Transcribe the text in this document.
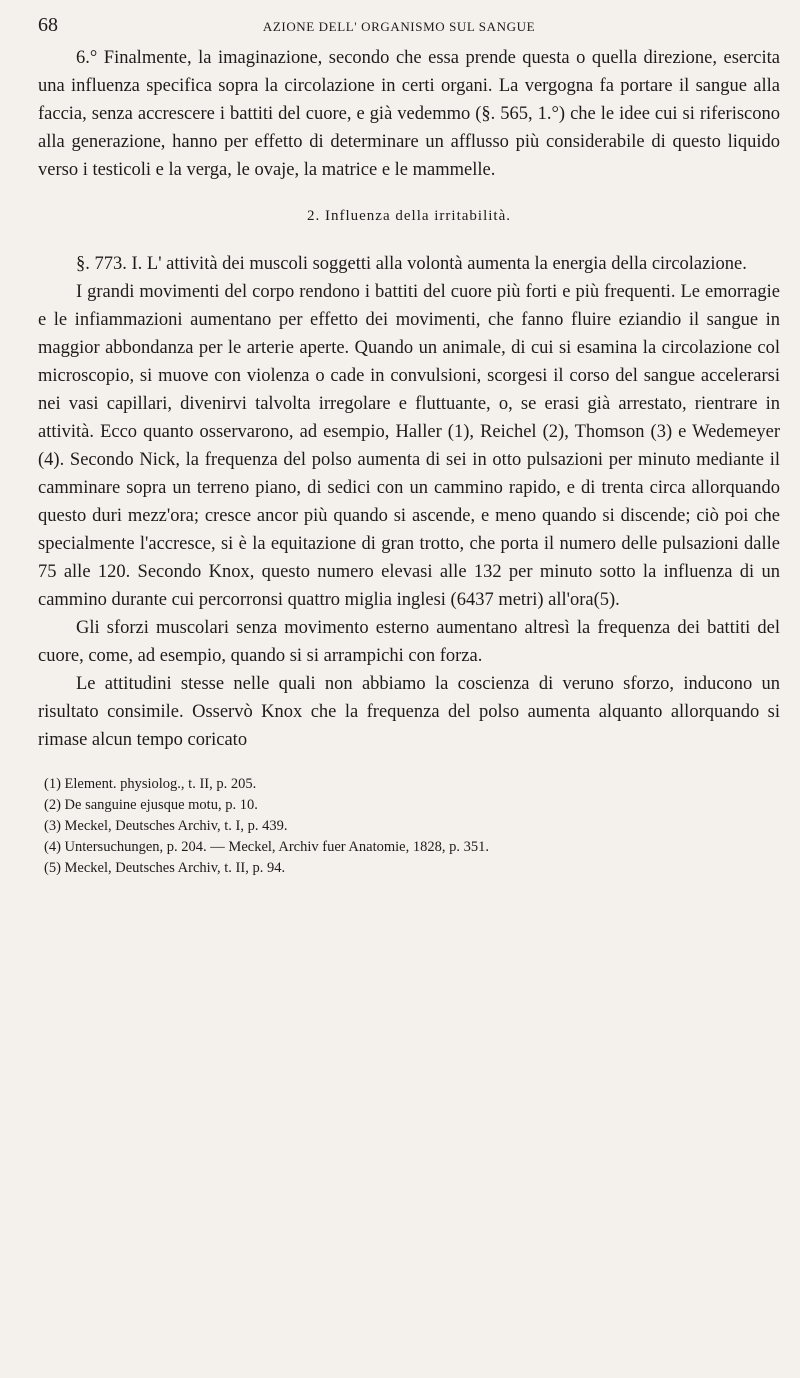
68	AZIONE DELL' ORGANISMO SUL SANGUE

6.° Finalmente, la imaginazione, secondo che essa prende questa o quella direzione, esercita una influenza specifica sopra la circolazione in certi organi. La vergogna fa portare il sangue alla faccia, senza accrescere i battiti del cuore, e già vedemmo (§. 565, 1.°) che le idee cui si riferiscono alla generazione, hanno per effetto di determinare un afflusso più considerabile di questo liquido verso i testicoli e la verga, le ovaje, la matrice e le mammelle.

2. Influenza della irritabilità.

§. 773. I. L' attività dei muscoli soggetti alla volontà aumenta la energia della circolazione.

I grandi movimenti del corpo rendono i battiti del cuore più forti e più frequenti. Le emorragie e le infiammazioni aumentano per effetto dei movimenti, che fanno fluire eziandio il sangue in maggior abbondanza per le arterie aperte. Quando un animale, di cui si esamina la circolazione col microscopio, si muove con violenza o cade in convulsioni, scorgesi il corso del sangue accelerarsi nei vasi capillari, divenirvi talvolta irregolare e fluttuante, o, se erasi già arrestato, rientrare in attività. Ecco quanto osservarono, ad esempio, Haller (1), Reichel (2), Thomson (3) e Wedemeyer (4). Secondo Nick, la frequenza del polso aumenta di sei in otto pulsazioni per minuto mediante il camminare sopra un terreno piano, di sedici con un cammino rapido, e di trenta circa allorquando questo duri mezz'ora; cresce ancor più quando si ascende, e meno quando si discende; ciò poi che specialmente l'accresce, si è la equitazione di gran trotto, che porta il numero delle pulsazioni dalle 75 alle 120. Secondo Knox, questo numero elevasi alle 132 per minuto sotto la influenza di un cammino durante cui percorronsi quattro miglia inglesi (6437 metri) all'ora(5).

Gli sforzi muscolari senza movimento esterno aumentano altresì la frequenza dei battiti del cuore, come, ad esempio, quando si si arrampichi con forza.

Le attitudini stesse nelle quali non abbiamo la coscienza di veruno sforzo, inducono un risultato consimile. Osservò Knox che la frequenza del polso aumenta alquanto allorquando si rimase alcun tempo coricato

(1) Element. physiolog., t. II, p. 205.

(2) De sanguine ejusque motu, p. 10.

(3) Meckel, Deutsches Archiv, t. I, p. 439.

(4) Untersuchungen, p. 204. — Meckel, Archiv fuer Anatomie, 1828, p. 351.

(5) Meckel, Deutsches Archiv, t. II, p. 94.
